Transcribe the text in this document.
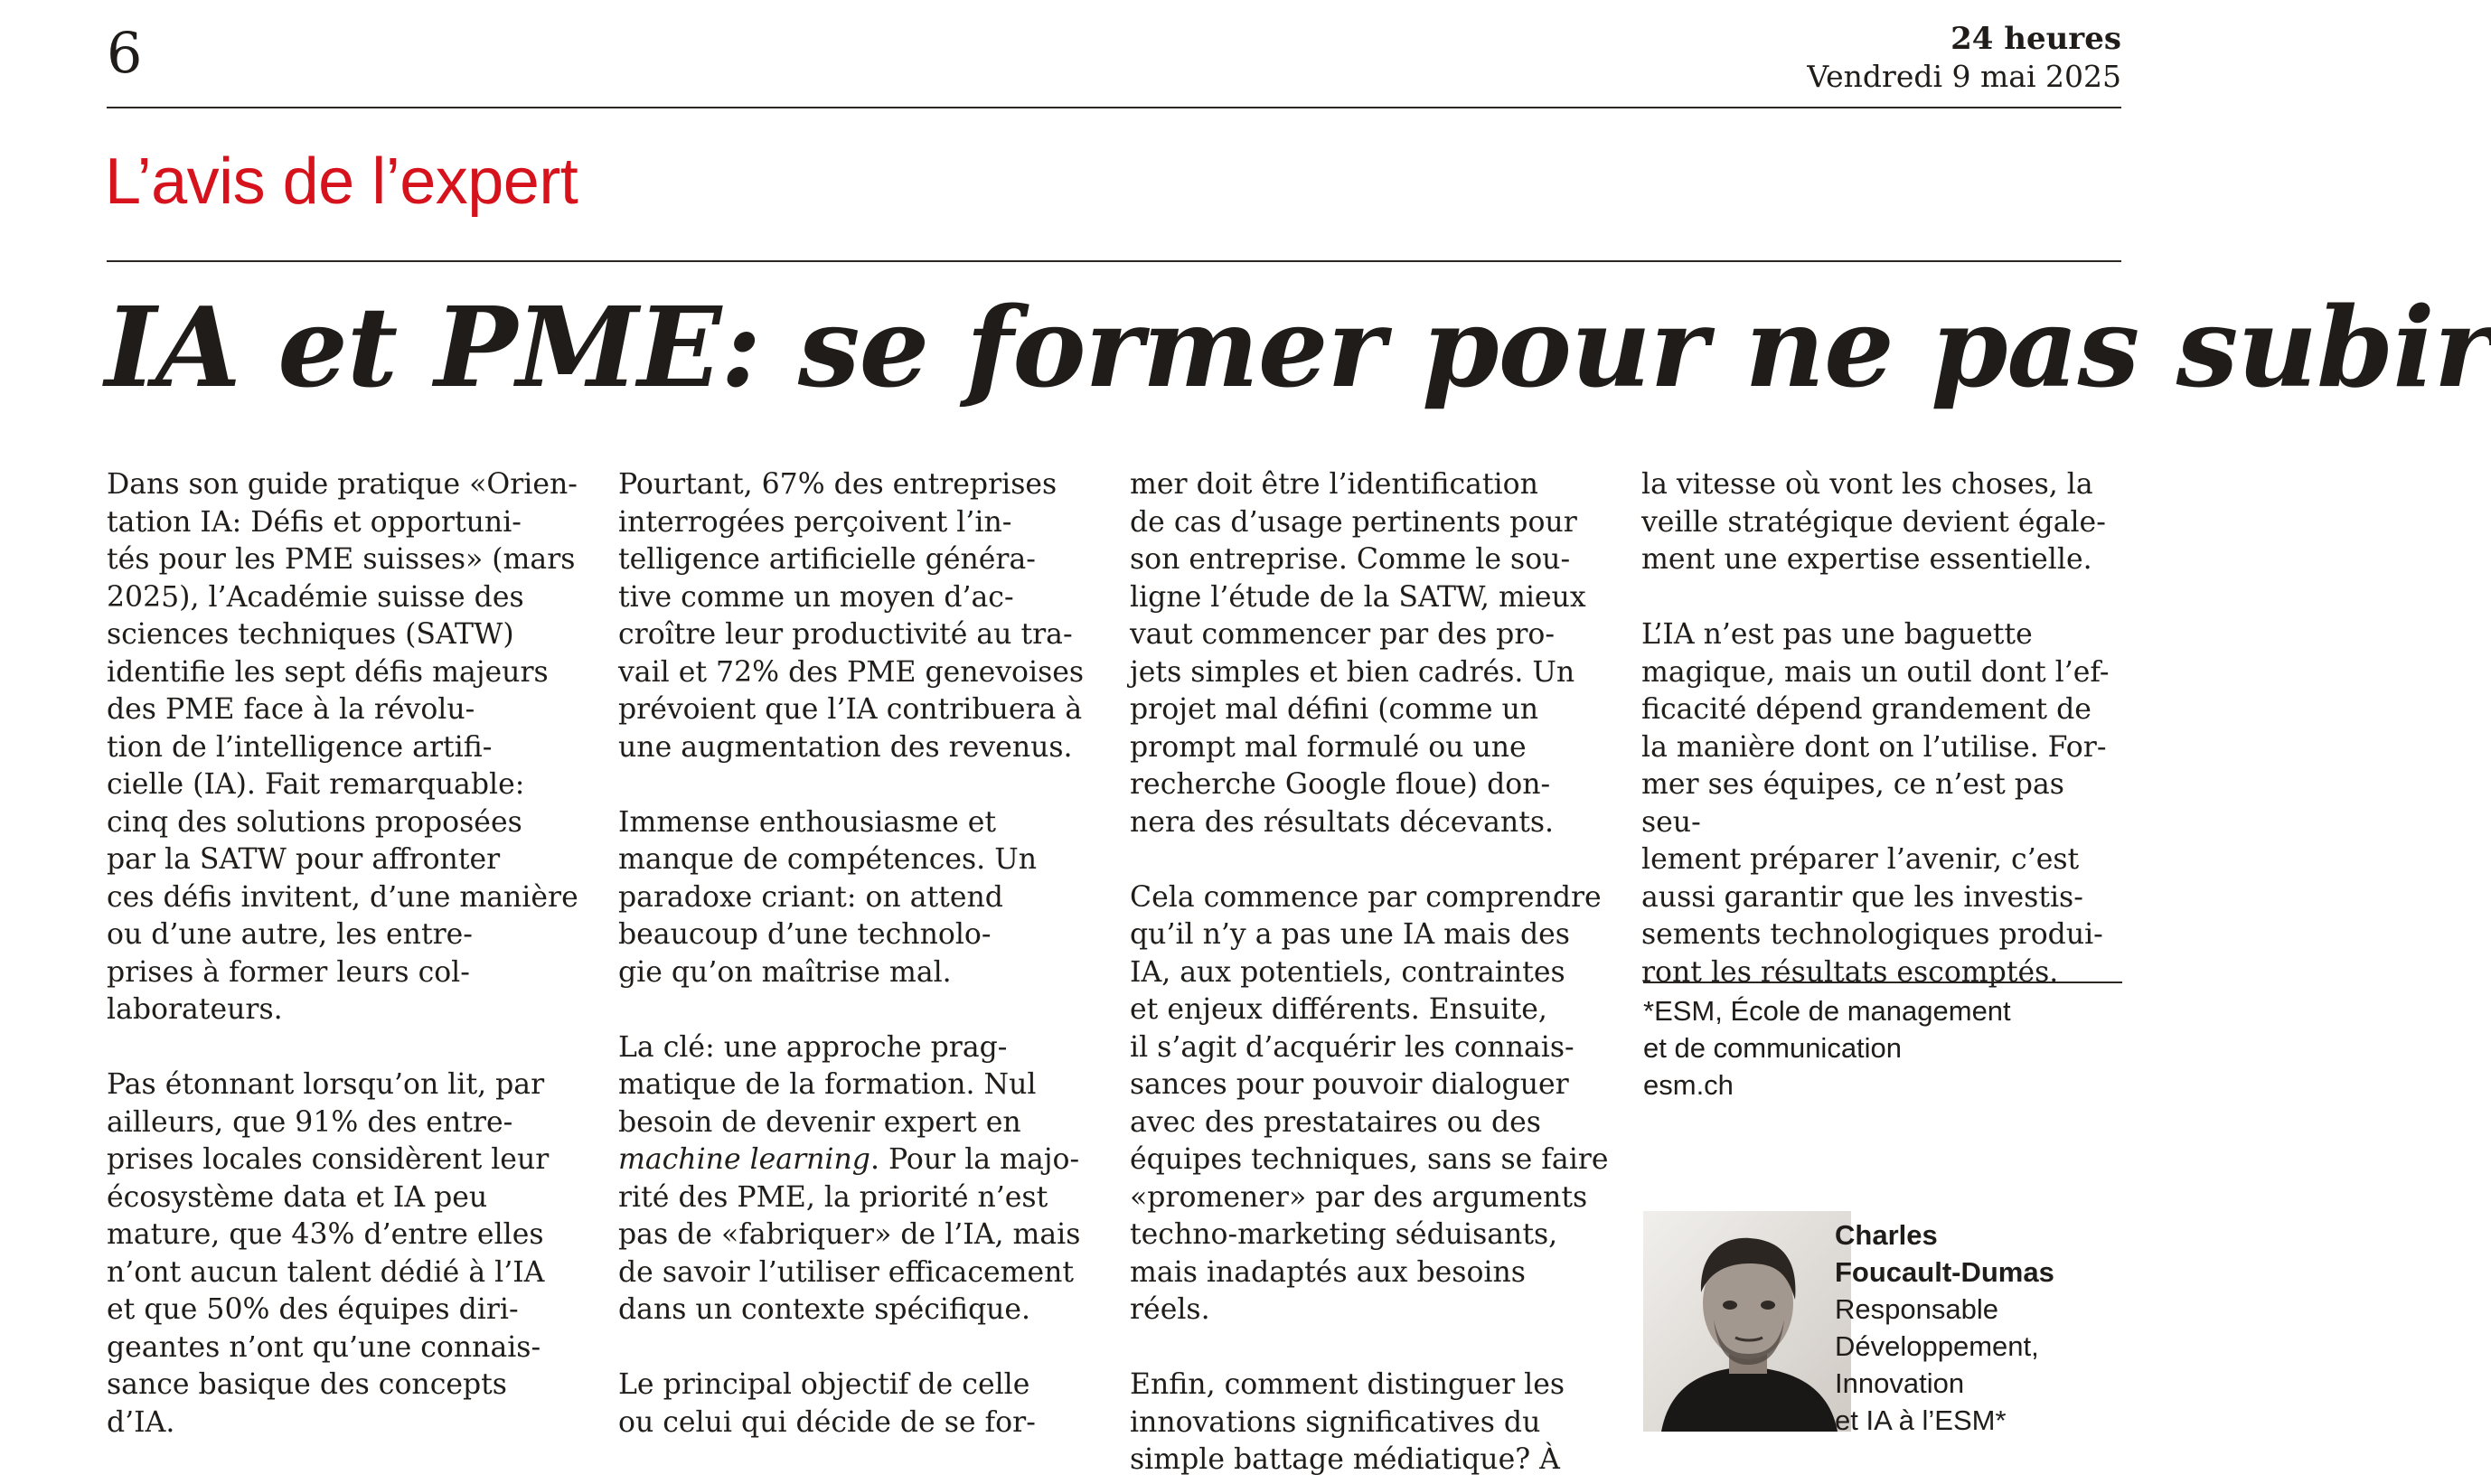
6	24 heures
Vendredi 9 mai 2025
L’avis de l’expert
IA et PME: se former pour ne pas subir

Dans son guide pratique «Orien-
tation IA: Défis et opportuni-
tés pour les PME suisses» (mars
2025), l’Académie suisse des
sciences techniques (SATW)
identifie les sept défis majeurs
des PME face à la révolu-
tion de l’intelligence artifi-
cielle (IA). Fait remarquable:
cinq des solutions proposées
par la SATW pour affronter
ces défis invitent, d’une manière
ou d’une autre, les entre-
prises à former leurs col-
laborateurs.

Pas étonnant lorsqu’on lit, par
ailleurs, que 91% des entre-
prises locales considèrent leur
écosystème data et IA peu
mature, que 43% d’entre elles
n’ont aucun talent dédié à l’IA
et que 50% des équipes diri-
geantes n’ont qu’une connais-
sance basique des concepts
d’IA.

Pourtant, 67% des entreprises
interrogées perçoivent l’in-
telligence artificielle généra-
tive comme un moyen d’ac-
croître leur productivité au tra-
vail et 72% des PME genevoises
prévoient que l’IA contribuera à
une augmentation des revenus.

Immense enthousiasme et
manque de compétences. Un
paradoxe criant: on attend
beaucoup d’une technolo-
gie qu’on maîtrise mal.

La clé: une approche prag-
matique de la formation. Nul
besoin de devenir expert en
machine learning. Pour la majo-
rité des PME, la priorité n’est
pas de «fabriquer» de l’IA, mais
de savoir l’utiliser efficacement
dans un contexte spécifique.

Le principal objectif de celle
ou celui qui décide de se for-

mer doit être l’identification
de cas d’usage pertinents pour
son entreprise. Comme le sou-
ligne l’étude de la SATW, mieux
vaut commencer par des pro-
jets simples et bien cadrés. Un
projet mal défini (comme un
prompt mal formulé ou une
recherche Google floue) don-
nera des résultats décevants.

Cela commence par comprendre
qu’il n’y a pas une IA mais des
IA, aux potentiels, contraintes
et enjeux différents. Ensuite,
il s’agit d’acquérir les connais-
sances pour pouvoir dialoguer
avec des prestataires ou des
équipes techniques, sans se faire
«promener» par des arguments
techno-marketing séduisants,
mais inadaptés aux besoins réels.

Enfin, comment distinguer les
innovations significatives du
simple battage médiatique? À

la vitesse où vont les choses, la
veille stratégique devient égale-
ment une expertise essentielle.

L’IA n’est pas une baguette
magique, mais un outil dont l’ef-
ficacité dépend grandement de
la manière dont on l’utilise. For-
mer ses équipes, ce n’est pas seu-
lement préparer l’avenir, c’est
aussi garantir que les investis-
sements technologiques produi-
ront les résultats escomptés.

*ESM, École de management
et de communication
esm.ch
Charles
Foucault-Dumas
Responsable
Développement,
Innovation
et IA à l’ESM*
